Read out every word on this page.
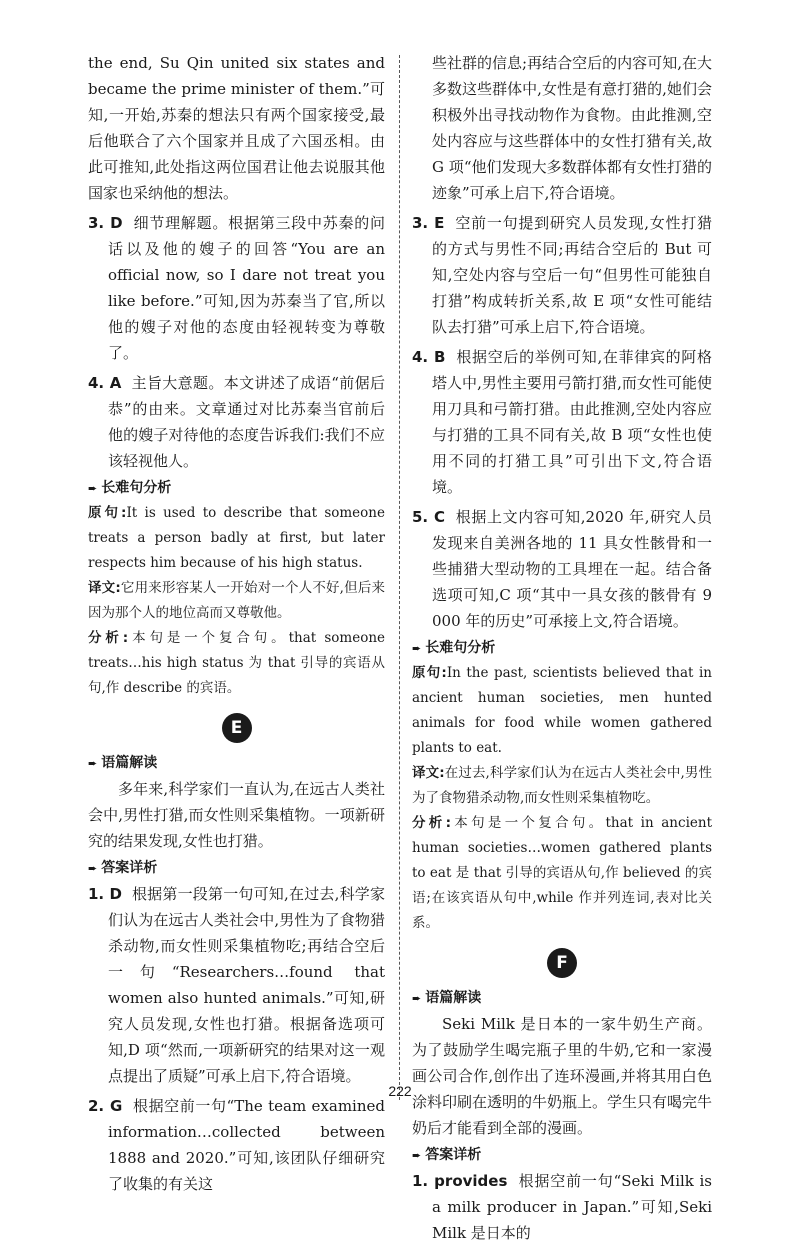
the end, Su Qin united six states and became the prime minister of them.”可知,一开始,苏秦的想法只有两个国家接受,最后他联合了六个国家并且成了六国丞相。由此可推知,此处指这两位国君让他去说服其他国家也采纳他的想法。

3. D 细节理解题。根据第三段中苏秦的问话以及他的嫂子的回答“You are an official now, so I dare not treat you like before.”可知,因为苏秦当了官,所以他的嫂子对他的态度由轻视转变为尊敬了。

4. A 主旨大意题。本文讲述了成语“前倨后恭”的由来。文章通过对比苏秦当官前后他的嫂子对待他的态度告诉我们:我们不应该轻视他人。

➨ 长难句分析

原句:It is used to describe that someone treats a person badly at first, but later respects him because of his high status.

译文:它用来形容某人一开始对一个人不好,但后来因为那个人的地位高而又尊敬他。

分析:本句是一个复合句。that someone treats…his high status 为 that 引导的宾语从句,作 describe 的宾语。

E

➨ 语篇解读

多年来,科学家们一直认为,在远古人类社会中,男性打猎,而女性则采集植物。一项新研究的结果发现,女性也打猎。

➨ 答案详析

1. D 根据第一段第一句可知,在过去,科学家们认为在远古人类社会中,男性为了食物猎杀动物,而女性则采集植物吃;再结合空后一句“Researchers…found that women also hunted animals.”可知,研究人员发现,女性也打猎。根据备选项可知,D 项“然而,一项新研究的结果对这一观点提出了质疑”可承上启下,符合语境。

2. G 根据空前一句“The team examined information…collected between 1888 and 2020.”可知,该团队仔细研究了收集的有关这

些社群的信息;再结合空后的内容可知,在大多数这些群体中,女性是有意打猎的,她们会积极外出寻找动物作为食物。由此推测,空处内容应与这些群体中的女性打猎有关,故 G 项“他们发现大多数群体都有女性打猎的迹象”可承上启下,符合语境。

3. E 空前一句提到研究人员发现,女性打猎的方式与男性不同;再结合空后的 But 可知,空处内容与空后一句“但男性可能独自打猎”构成转折关系,故 E 项“女性可能结队去打猎”可承上启下,符合语境。

4. B 根据空后的举例可知,在菲律宾的阿格塔人中,男性主要用弓箭打猎,而女性可能使用刀具和弓箭打猎。由此推测,空处内容应与打猎的工具不同有关,故 B 项“女性也使用不同的打猎工具”可引出下文,符合语境。

5. C 根据上文内容可知,2020 年,研究人员发现来自美洲各地的 11 具女性骸骨和一些捕猎大型动物的工具埋在一起。结合备选项可知,C 项“其中一具女孩的骸骨有 9 000 年的历史”可承接上文,符合语境。

➨ 长难句分析

原句:In the past, scientists believed that in ancient human societies, men hunted animals for food while women gathered plants to eat.

译文:在过去,科学家们认为在远古人类社会中,男性为了食物猎杀动物,而女性则采集植物吃。

分析:本句是一个复合句。that in ancient human societies…women gathered plants to eat 是 that 引导的宾语从句,作 believed 的宾语;在该宾语从句中,while 作并列连词,表对比关系。

F

➨ 语篇解读

Seki Milk 是日本的一家牛奶生产商。为了鼓励学生喝完瓶子里的牛奶,它和一家漫画公司合作,创作出了连环漫画,并将其用白色涂料印刷在透明的牛奶瓶上。学生只有喝完牛奶后才能看到全部的漫画。

➨ 答案详析

1. provides 根据空前一句“Seki Milk is a milk producer in Japan.”可知,Seki Milk 是日本的

222
